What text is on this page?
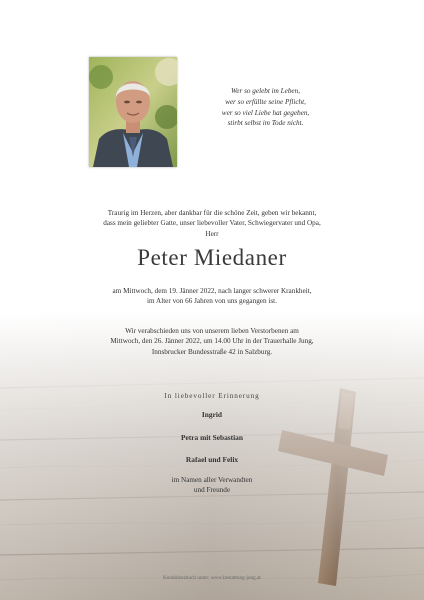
Wer so gelebt im Leben,
wer so erfüllte seine Pflicht,
wer so viel Liebe hat gegeben,
stirbt selbst im Tode nicht.
Traurig im Herzen, aber dankbar für die schöne Zeit, geben wir bekannt,
dass mein geliebter Gatte, unser liebevoller Vater, Schwiegervater und Opa,
Herr
Peter Miedaner
am Mittwoch, dem 19. Jänner 2022, nach langer schwerer Krankheit,
im Alter von 66 Jahren von uns gegangen ist.
Wir verabschieden uns von unserem lieben Verstorbenen am
Mittwoch, den 26. Jänner 2022, um 14.00 Uhr in der Trauerhalle Jung,
Innsbrucker Bundesstraße 42 in Salzburg.
In liebevoller Erinnerung
Ingrid
Petra mit Sebastian
Rafael und Felix
im Namen aller Verwandten
und Freunde
Kondolenzbuch unter: www.bestattung-jung.at
